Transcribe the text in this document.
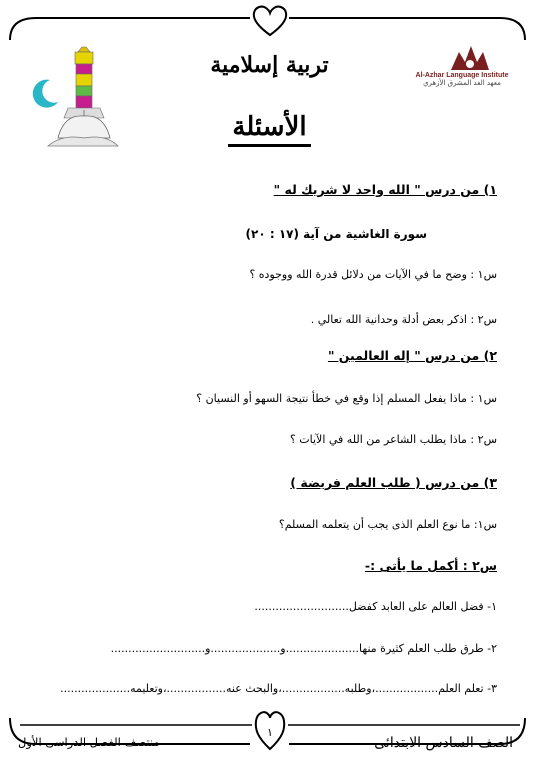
١
Al-Azhar Language Institute
معهد الغد المشرق الأزهري
تربية إسلامية
الأسئلة
١) من درس " الله واحد لا شريك له "
سورة الغاشية من آية (١٧ : ٢٠)
س١ : وضح ما في الآيات من دلائل قدرة الله ووجوده ؟
س٢ : اذكر بعض أدلة وحدانية الله تعالي .
٢) من درس " إله العالمين "
س١ : ماذا يفعل المسلم إذا وقع في خطأ نتيجة السهو أو النسيان ؟
س٢ : ماذا يطلب الشاعر من الله في الآيات ؟
٣) من درس ( طلب العلم فريضة )
س١: ما نوع العلم الذى يجب أن يتعلمه المسلم؟
س٢ : أكمل ما يأتى :-
١- فضل العالم على العابد كفضل...........................
٢- طرق طلب العلم كثيرة منها.....................و....................و...........................
٣- تعلم العلم..................،وطلبه..................،والبحث عنه.................،وتعليمه....................
الصف السادس الابتدائى
منتصف الفصل الدراسى الأول
